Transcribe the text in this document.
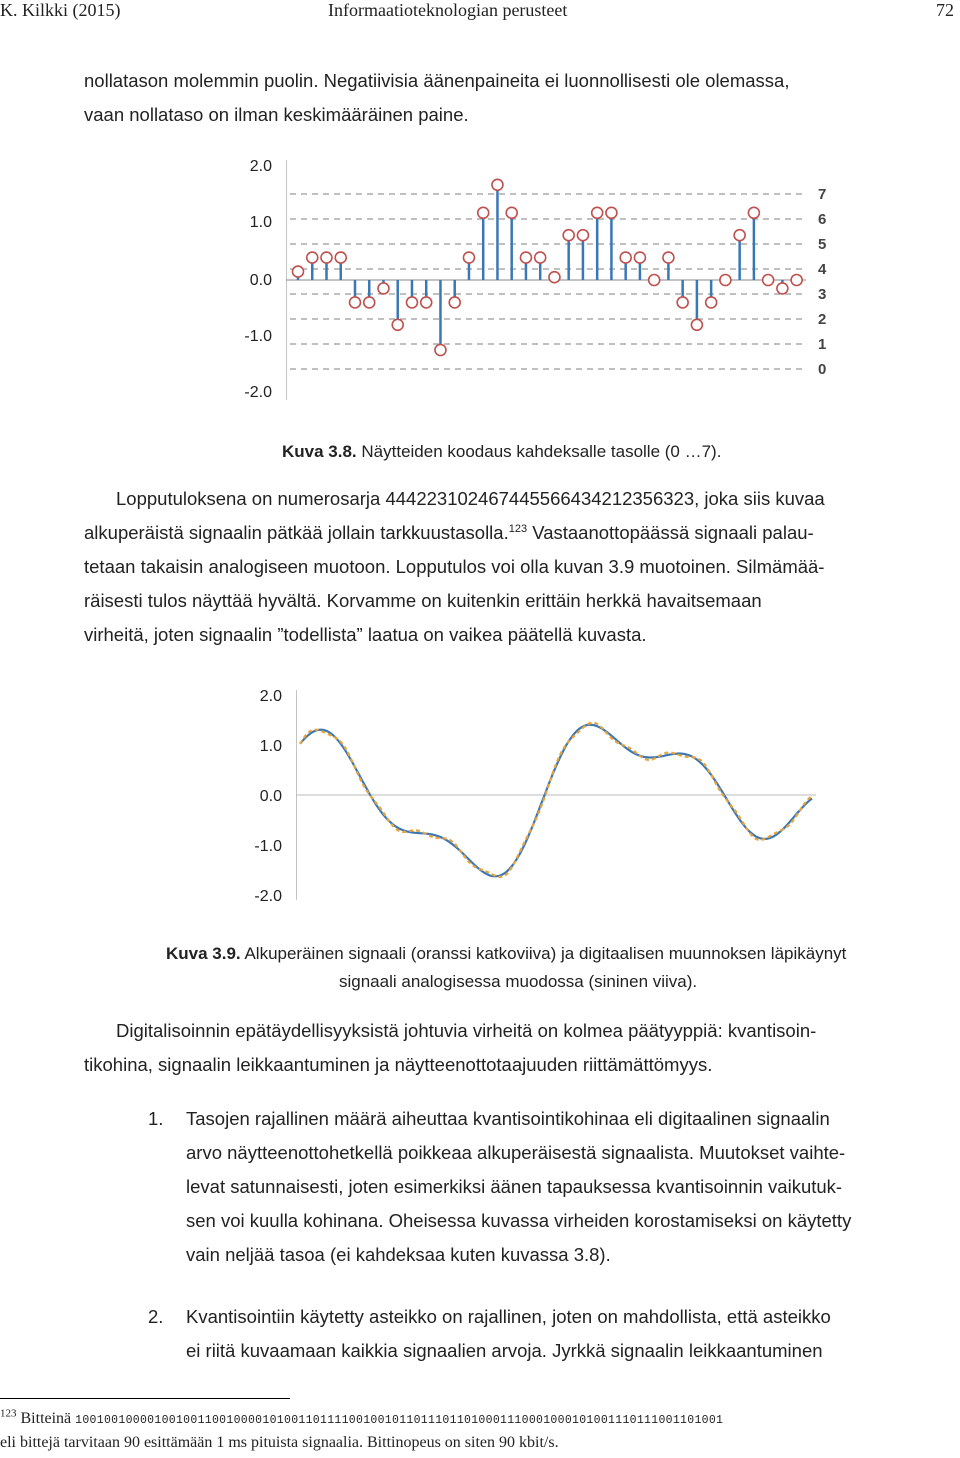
K. Kilkki (2015)	Informaatioteknologian perusteet	72

nollatason molemmin puolin. Negatiivisia äänenpaineita ei luonnollisesti ole olemassa,

vaan nollataso on ilman keskimääräinen paine.

2.0
1.0
0.0
-1.0
-2.0
7
6
5
4
3
2
1
0
Kuva 3.8. Näytteiden koodaus kahdeksalle tasolle (0 …7).

Lopputuloksena on numerosarja 444223102467445566434212356323, joka siis kuvaa

alkuperäistä signaalin pätkää jollain tarkkuustasolla.$^{123}$ Vastaanottopäässä signaali palau-

tetaan takaisin analogiseen muotoon. Lopputulos voi olla kuvan 3.9 muotoinen. Silmämää-

räisesti tulos näyttää hyvältä. Korvamme on kuitenkin erittäin herkkä havaitsemaan

virheitä, joten signaalin ”todellista” laatua on vaikea päätellä kuvasta.

2.0
1.0
0.0
-1.0
-2.0
Kuva 3.9. Alkuperäinen signaali (oranssi katkoviiva) ja digitaalisen muunnoksen läpikäynyt
signaali analogisessa muodossa (sininen viiva).

Digitalisoinnin epätäydellisyyksistä johtuvia virheitä on kolmea päätyyppiä: kvantisoin-

tikohina, signaalin leikkaantuminen ja näytteenottotaajuuden riittämättömyys.

1. Tasojen rajallinen määrä aiheuttaa kvantisointikohinaa eli digitaalinen signaalin
arvo näytteenottohetkellä poikkeaa alkuperäisestä signaalista. Muutokset vaihte-
levat satunnaisesti, joten esimerkiksi äänen tapauksessa kvantisoinnin vaikutuk-
sen voi kuulla kohinana. Oheisessa kuvassa virheiden korostamiseksi on käytetty
vain neljää tasoa (ei kahdeksaa kuten kuvassa 3.8).
2. Kvantisointiin käytetty asteikko on rajallinen, joten on mahdollista, että asteikko
ei riitä kuvaamaan kaikkia signaalien arvoja. Jyrkkä signaalin leikkaantuminen
$^{123}$ Bitteinä 100100100001001001100100001010011011110010010110111011010001110001000101001110111001101001
eli bittejä tarvitaan 90 esittämään 1 ms pituista signaalia. Bittinopeus on siten 90 kbit/s.
